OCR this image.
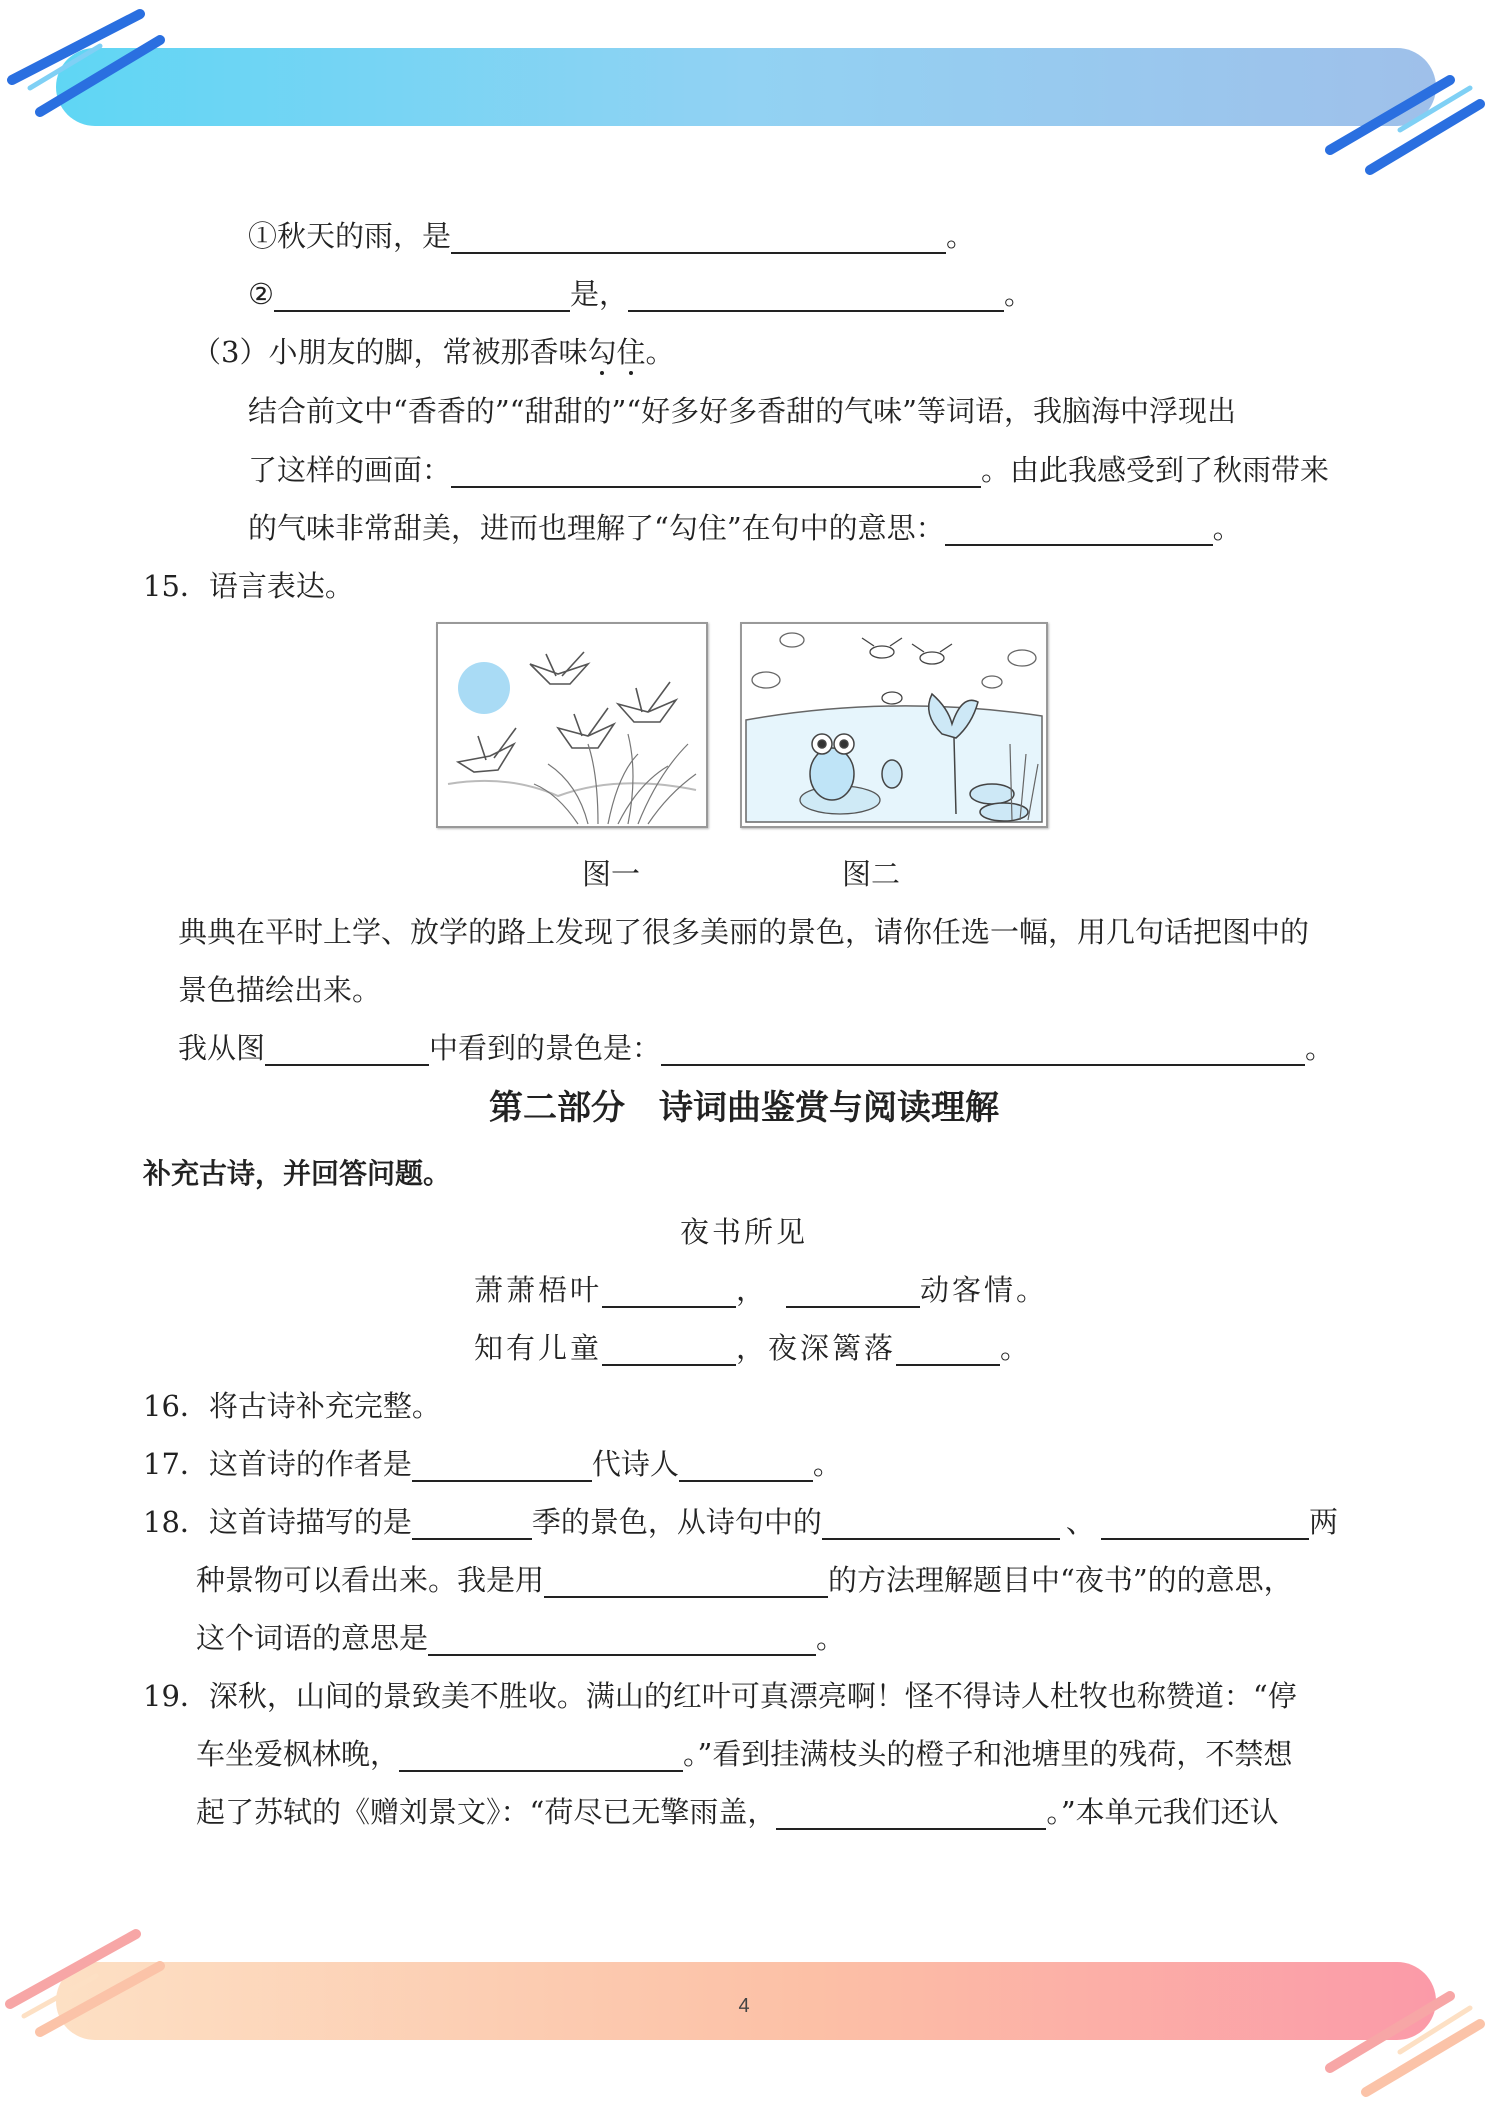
①秋天的雨，是	。
②	是，	。
（3）小朋友的脚，常被那香味勾住。
结合前文中“香香的”“甜甜的”“好多好多香甜的气味”等词语，我脑海中浮现出
了这样的画面：	。由此我感受到了秋雨带来
的气味非常甜美，进而也理解了“勾住”在句中的意思：	。
15．语言表达。
图一	图二
典典在平时上学、放学的路上发现了很多美丽的景色，请你任选一幅，用几句话把图中的
景色描绘出来。
我从图	中看到的景色是：	。
第二部分　诗词曲鉴赏与阅读理解
补充古诗，并回答问题。
夜书所见
萧萧梧叶	，	动客情。
知有儿童	，夜深篱落	。
16．将古诗补充完整。
17．这首诗的作者是	代诗人	。
18．这首诗描写的是	季的景色，从诗句中的	、	两
种景物可以看出来。我是用	的方法理解题目中“夜书”的的意思，
这个词语的意思是	。
19．深秋，山间的景致美不胜收。满山的红叶可真漂亮啊！怪不得诗人杜牧也称赞道：“停
车坐爱枫林晚，	。”看到挂满枝头的橙子和池塘里的残荷，不禁想
起了苏轼的《赠刘景文》：“荷尽已无擎雨盖，	。”本单元我们还认
4
